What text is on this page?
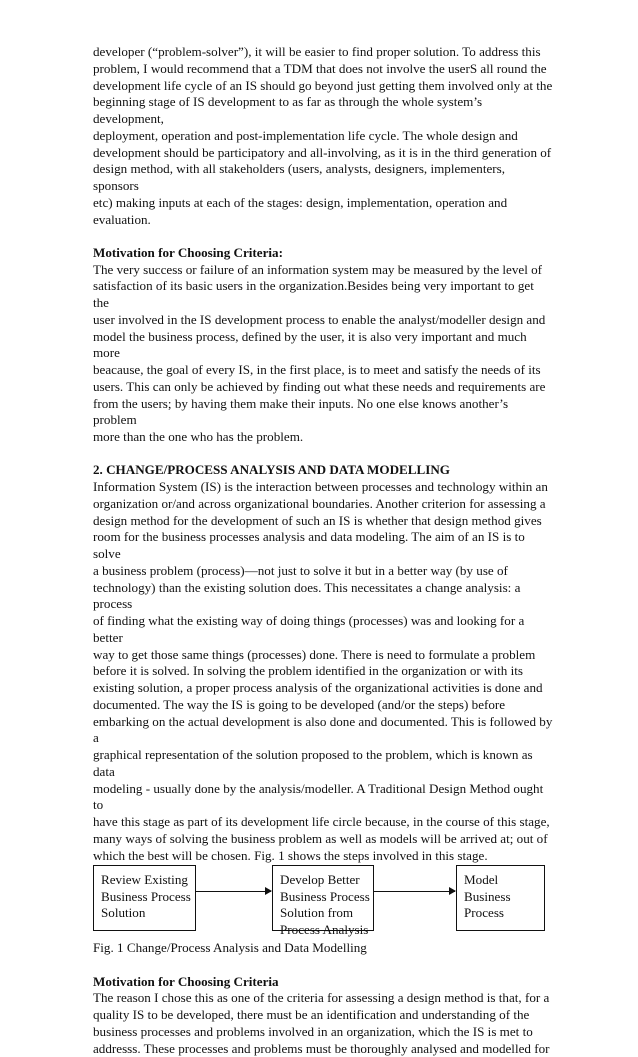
developer (“problem-solver”), it will be easier to find proper solution. To address this
problem, I would recommend that a TDM that does not involve the userS all round the
development life cycle of an IS should go beyond just getting them involved only at the
beginning stage of IS development to as far as through the whole system’s development,
deployment, operation and post-implementation life cycle. The whole design and
development should be participatory and all-involving, as it is in the third generation of
design method, with all stakeholders (users, analysts, designers, implementers, sponsors
etc) making inputs at each of the stages: design, implementation, operation and
evaluation.
Motivation for Choosing Criteria:
The very success or failure of an information system may be measured by the level of
satisfaction of its basic users in the organization.Besides being very important to get the
user involved in the IS development process to enable the analyst/modeller design and
model the business process, defined by the user, it is also very important and much more
beacause, the goal of every IS, in the first place, is to meet and satisfy the needs of its
users. This can only be achieved by finding out what these needs and requirements are
from the users; by having them make their inputs. No one else knows another’s problem
more than the one who has the problem.
2. CHANGE/PROCESS ANALYSIS AND DATA MODELLING
Information System (IS) is the interaction between processes and technology within an
organization or/and across organizational boundaries. Another criterion for assessing a
design method for the development of such an IS is whether that design method gives
room for the business processes analysis and data modeling. The aim of an IS is to solve
a business problem (process)—not just to solve it but in a better way (by use of
technology) than the existing solution does. This necessitates a change analysis: a process
of finding what the existing way of doing things (processes) was and looking for a better
way to get those same things (processes) done. There is need to formulate a problem
before it is solved. In solving the problem identified in the organization or with its
existing solution, a proper process analysis of the organizational activities is done and
documented. The way the IS is going to be developed (and/or the steps) before
embarking on the actual development is also done and documented. This is followed by a
graphical representation of the solution proposed to the problem, which is known as data
modeling - usually done by the analysis/modeller. A Traditional Design Method ought to
have this stage as part of its development life circle because, in the course of this stage,
many ways of solving the business problem as well as models will be arrived at; out of
which the best will be chosen. Fig. 1 shows the steps involved in this stage.
Review Existing
Business Process
Solution
Develop Better
Business Process
Solution from
Process Analysis
Model
Business
Process
Fig. 1 Change/Process Analysis and Data Modelling
Motivation for Choosing Criteria
The reason I chose this as one of the criteria for assessing a design method is that, for a
quality IS to be developed, there must be an identification and understanding of the
business processes and problems involved in an organization, which the IS is met to
addresss. These processes and problems must be thoroughly analysed and modelled for
